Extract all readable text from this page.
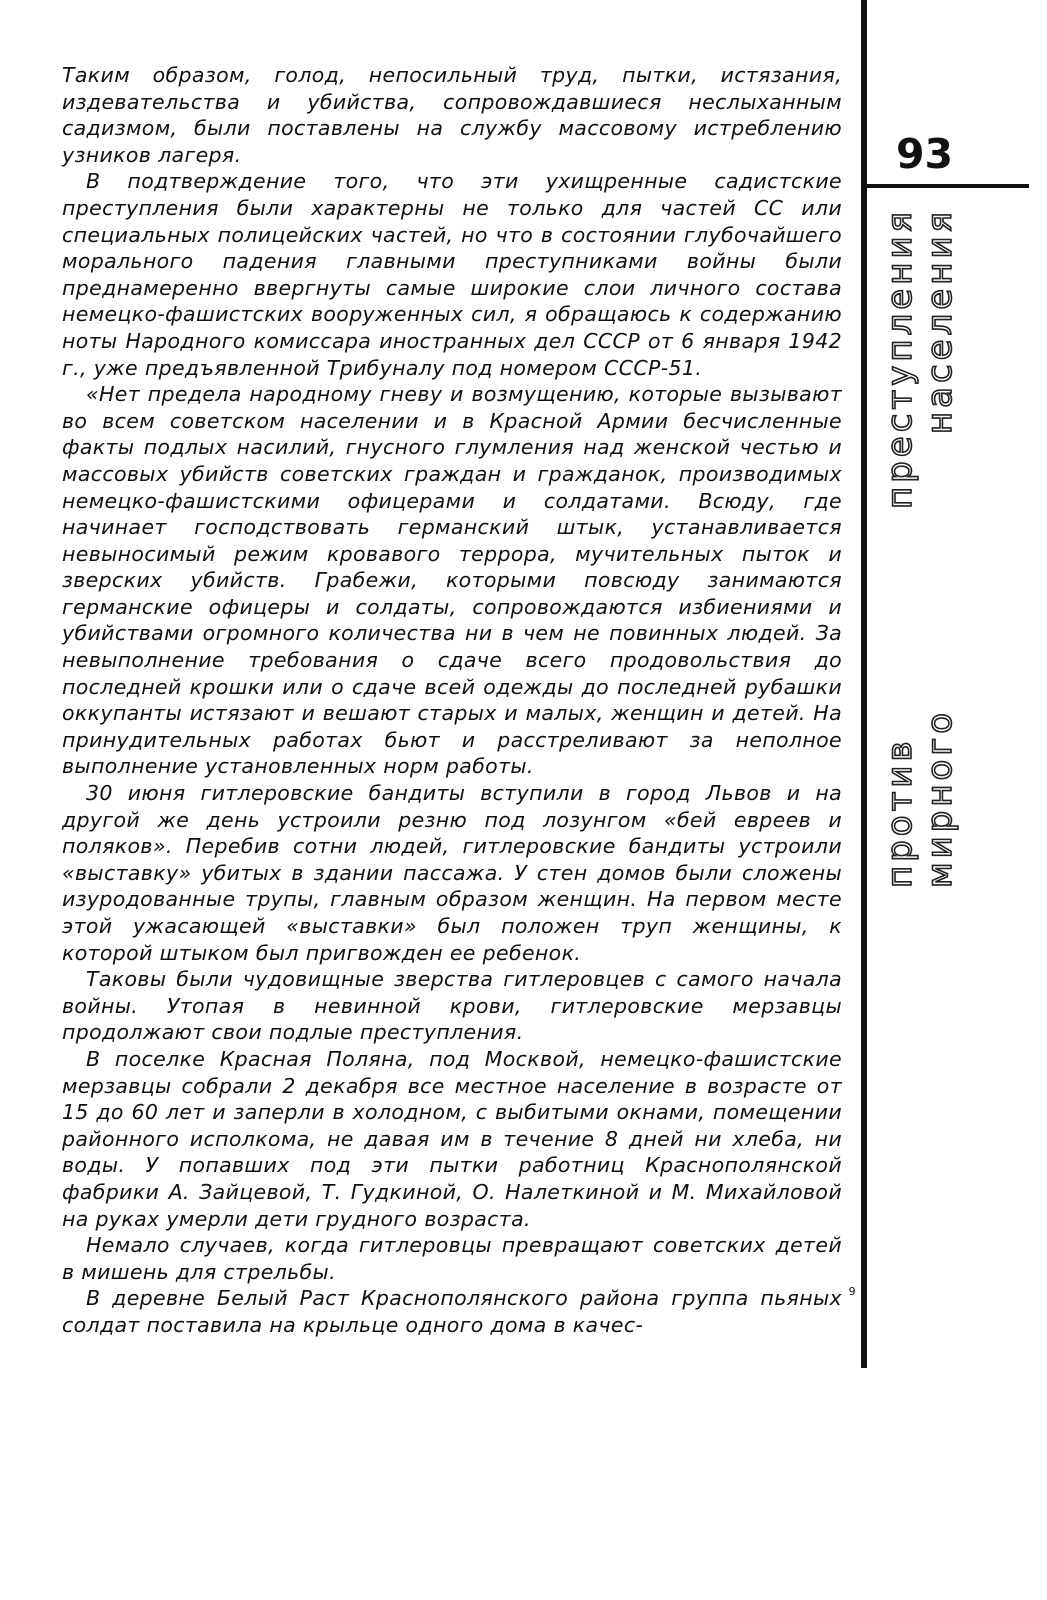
Таким образом, голод, непосильный труд, пытки, истязания, издевательства и убийства, сопровождавшиеся неслыханным садизмом, были поставлены на службу массовому истреблению узников лагеря.

В подтверждение того, что эти ухищренные садистские преступления были характерны не только для частей СС или специальных полицейских частей, но что в состоянии глубочайшего морального падения главными преступниками войны были преднамеренно ввергнуты самые широкие слои личного состава немецко-фашистских вооруженных сил, я обращаюсь к содержанию ноты Народного комиссара иностранных дел СССР от 6 января 1942 г., уже предъявленной Трибуналу под номером СССР-51.

«Нет предела народному гневу и возмущению, которые вызывают во всем советском населении и в Красной Армии бесчисленные факты подлых насилий, гнусного глумления над женской честью и массовых убийств советских граждан и гражданок, производимых немецко-фашистскими офицерами и солдатами. Всюду, где начинает господствовать германский штык, устанавливается невыносимый режим кровавого террора, мучительных пыток и зверских убийств. Грабежи, которыми повсюду занимаются германские офицеры и солдаты, сопровождаются избиениями и убийствами огромного количества ни в чем не повинных людей. За невыполнение требования о сдаче всего продовольствия до последней крошки или о сдаче всей одежды до последней рубашки оккупанты истязают и вешают старых и малых, женщин и детей. На принудительных работах бьют и расстреливают за неполное выполнение установленных норм работы.

30 июня гитлеровские бандиты вступили в город Львов и на другой же день устроили резню под лозунгом «бей евреев и поляков». Перебив сотни людей, гитлеровские бандиты устроили «выставку» убитых в здании пассажа. У стен домов были сложены изуродованные трупы, главным образом женщин. На первом месте этой ужасающей «выставки» был положен труп женщины, к которой штыком был пригвожден ее ребенок.

Таковы были чудовищные зверства гитлеровцев с самого начала войны. Утопая в невинной крови, гитлеровские мерзавцы продолжают свои подлые преступления.

В поселке Красная Поляна, под Москвой, немецко-фашистские мерзавцы собрали 2 декабря все местное население в возрасте от 15 до 60 лет и заперли в холодном, с выбитыми окнами, помещении районного исполкома, не давая им в течение 8 дней ни хлеба, ни воды. У попавших под эти пытки работниц Краснополянской фабрики А. Зайцевой, Т. Гудкиной, О. Налеткиной и М. Михайловой на руках умерли дети грудного возраста.

Немало случаев, когда гитлеровцы превращают советских детей в мишень для стрельбы.

В деревне Белый Раст Краснополянского района группа пьяных солдат поставила на крыльце одного дома в качес-
9

93
против
преступления
мирного
населения
